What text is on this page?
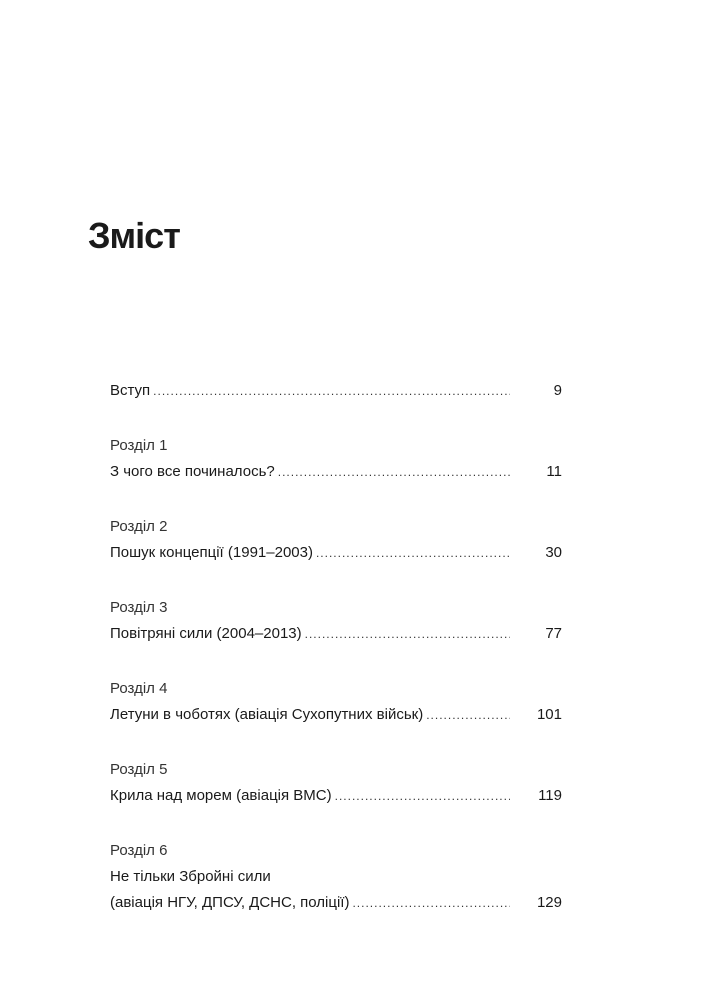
Зміст
Вступ .....	9
Розділ 1
З чого все починалось? .....	11
Розділ 2
Пошук концепції (1991–2003) .....	30
Розділ 3
Повітряні сили (2004–2013) .....	77
Розділ 4
Летуни в чоботях (авіація Сухопутних військ) .....	101
Розділ 5
Крила над морем (авіація ВМС) .....	119
Розділ 6
Не тільки Збройні сили
(авіація НГУ, ДПСУ, ДСНС, поліції) .....	129
